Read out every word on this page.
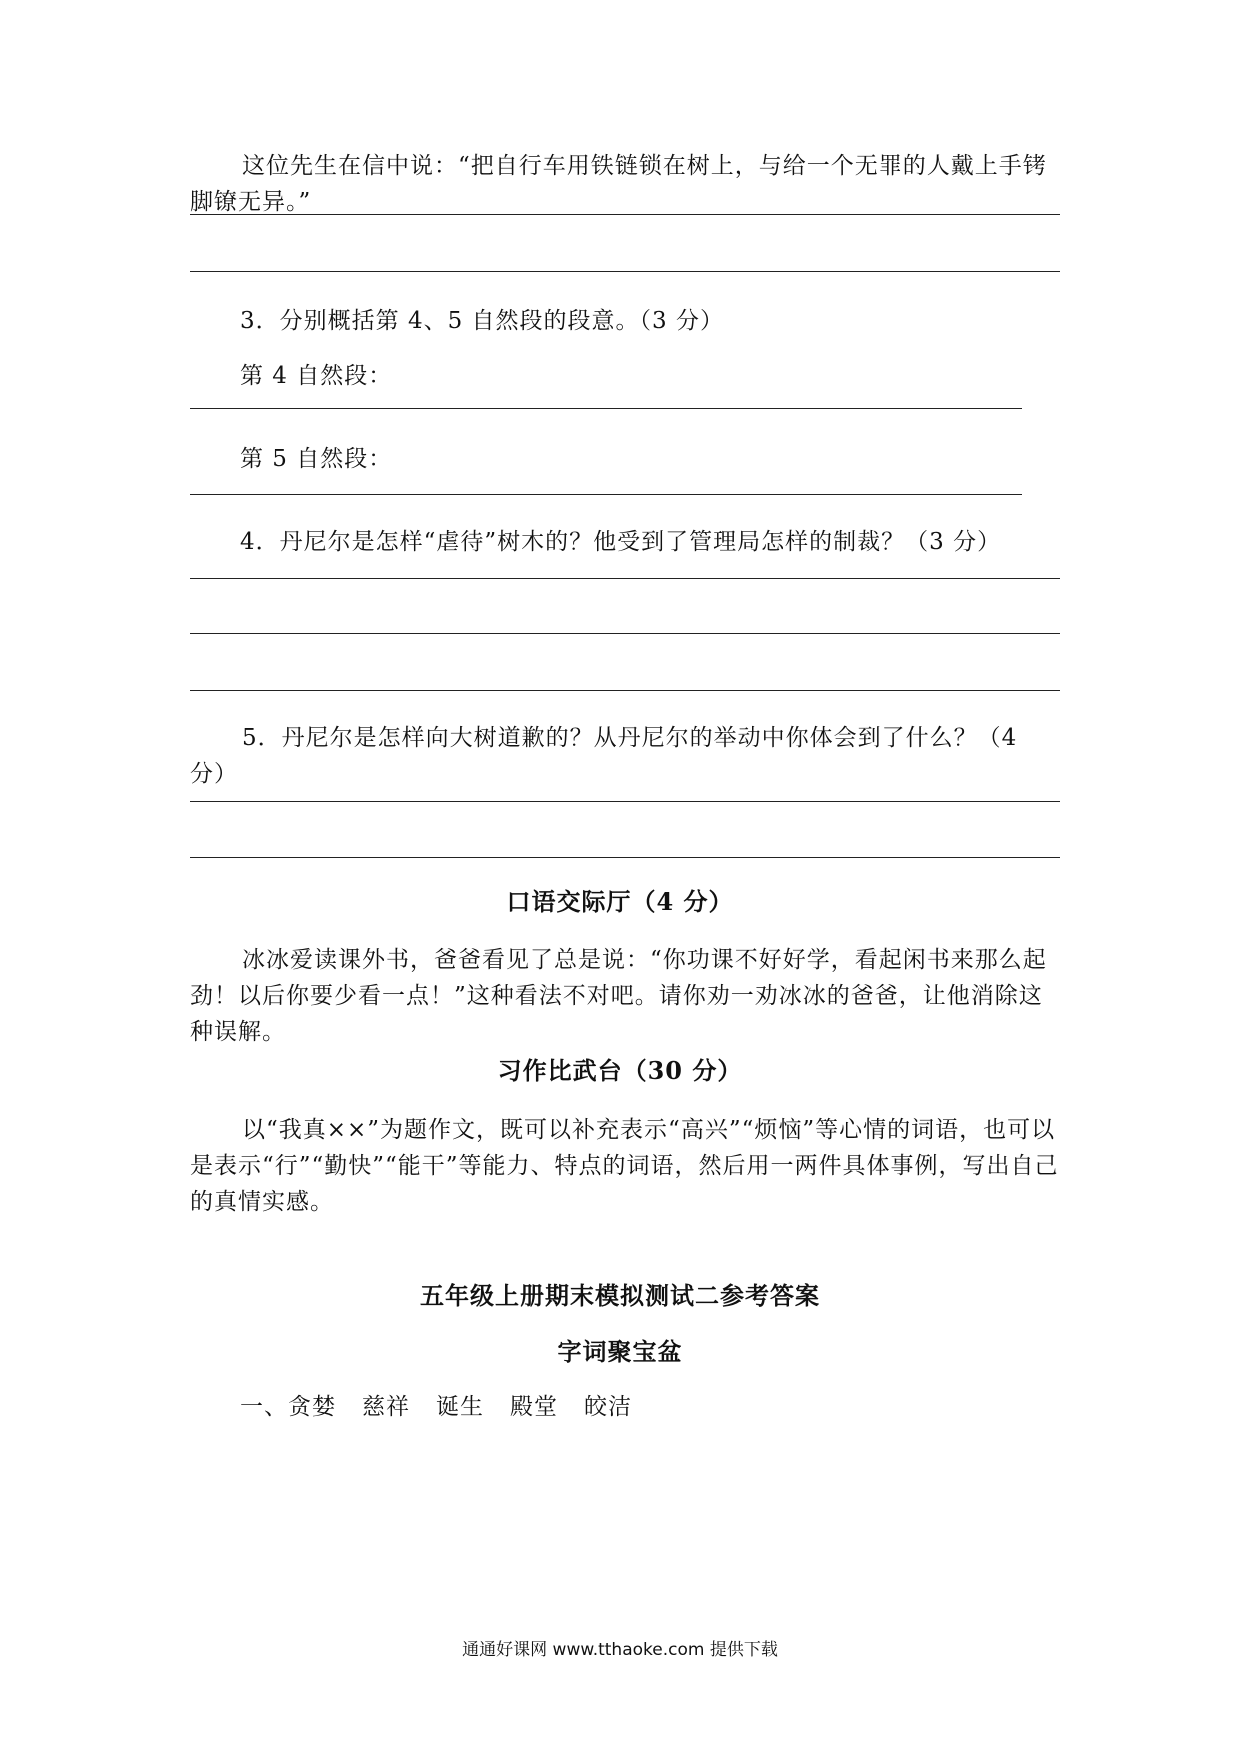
这位先生在信中说：“把自行车用铁链锁在树上，与给一个无罪的人戴上手铐脚镣无异。”

3．分别概括第 4、5 自然段的段意。（3 分）

第 4 自然段：

第 5 自然段：

4．丹尼尔是怎样“虐待”树木的？他受到了管理局怎样的制裁？（3 分）

5．丹尼尔是怎样向大树道歉的？从丹尼尔的举动中你体会到了什么？（4 分）

口语交际厅（4 分）

冰冰爱读课外书，爸爸看见了总是说：“你功课不好好学，看起闲书来那么起劲！以后你要少看一点！”这种看法不对吧。请你劝一劝冰冰的爸爸，让他消除这种误解。

习作比武台（30 分）

以“我真××”为题作文，既可以补充表示“高兴”“烦恼”等心情的词语，也可以是表示“行”“勤快”“能干”等能力、特点的词语，然后用一两件具体事例，写出自己的真情实感。

五年级上册期末模拟测试二参考答案
字词聚宝盆

一、贪婪 慈祥 诞生 殿堂 皎洁

通通好课网 www.tthaoke.com 提供下载
